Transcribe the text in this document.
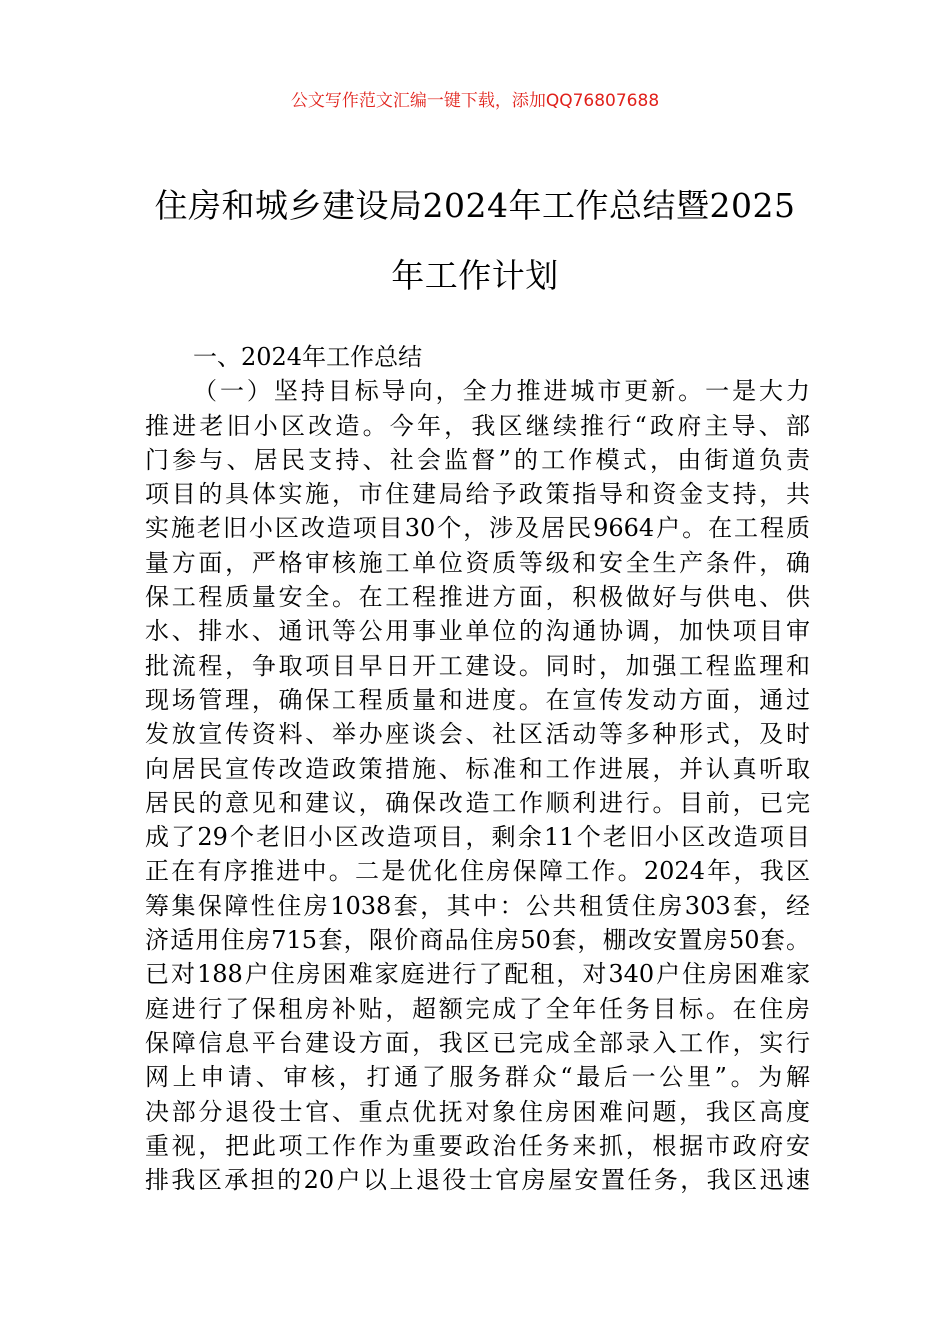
公文写作范文汇编一键下载，添加QQ76807688
住房和城乡建设局2024年工作总结暨2025
年工作计划
一、2024年工作总结
（一）坚持目标导向，全力推进城市更新。一是大力
推进老旧小区改造。今年，我区继续推行“政府主导、部
门参与、居民支持、社会监督”的工作模式，由街道负责
项目的具体实施，市住建局给予政策指导和资金支持，共
实施老旧小区改造项目30个，涉及居民9664户。在工程质
量方面，严格审核施工单位资质等级和安全生产条件，确
保工程质量安全。在工程推进方面，积极做好与供电、供
水、排水、通讯等公用事业单位的沟通协调，加快项目审
批流程，争取项目早日开工建设。同时，加强工程监理和
现场管理，确保工程质量和进度。在宣传发动方面，通过
发放宣传资料、举办座谈会、社区活动等多种形式，及时
向居民宣传改造政策措施、标准和工作进展，并认真听取
居民的意见和建议，确保改造工作顺利进行。目前，已完
成了29个老旧小区改造项目，剩余11个老旧小区改造项目
正在有序推进中。二是优化住房保障工作。2024年，我区
筹集保障性住房1038套，其中：公共租赁住房303套，经
济适用住房715套，限价商品住房50套，棚改安置房50套。
已对188户住房困难家庭进行了配租，对340户住房困难家
庭进行了保租房补贴，超额完成了全年任务目标。在住房
保障信息平台建设方面，我区已完成全部录入工作，实行
网上申请、审核，打通了服务群众“最后一公里”。为解
决部分退役士官、重点优抚对象住房困难问题，我区高度
重视，把此项工作作为重要政治任务来抓，根据市政府安
排我区承担的20户以上退役士官房屋安置任务，我区迅速
